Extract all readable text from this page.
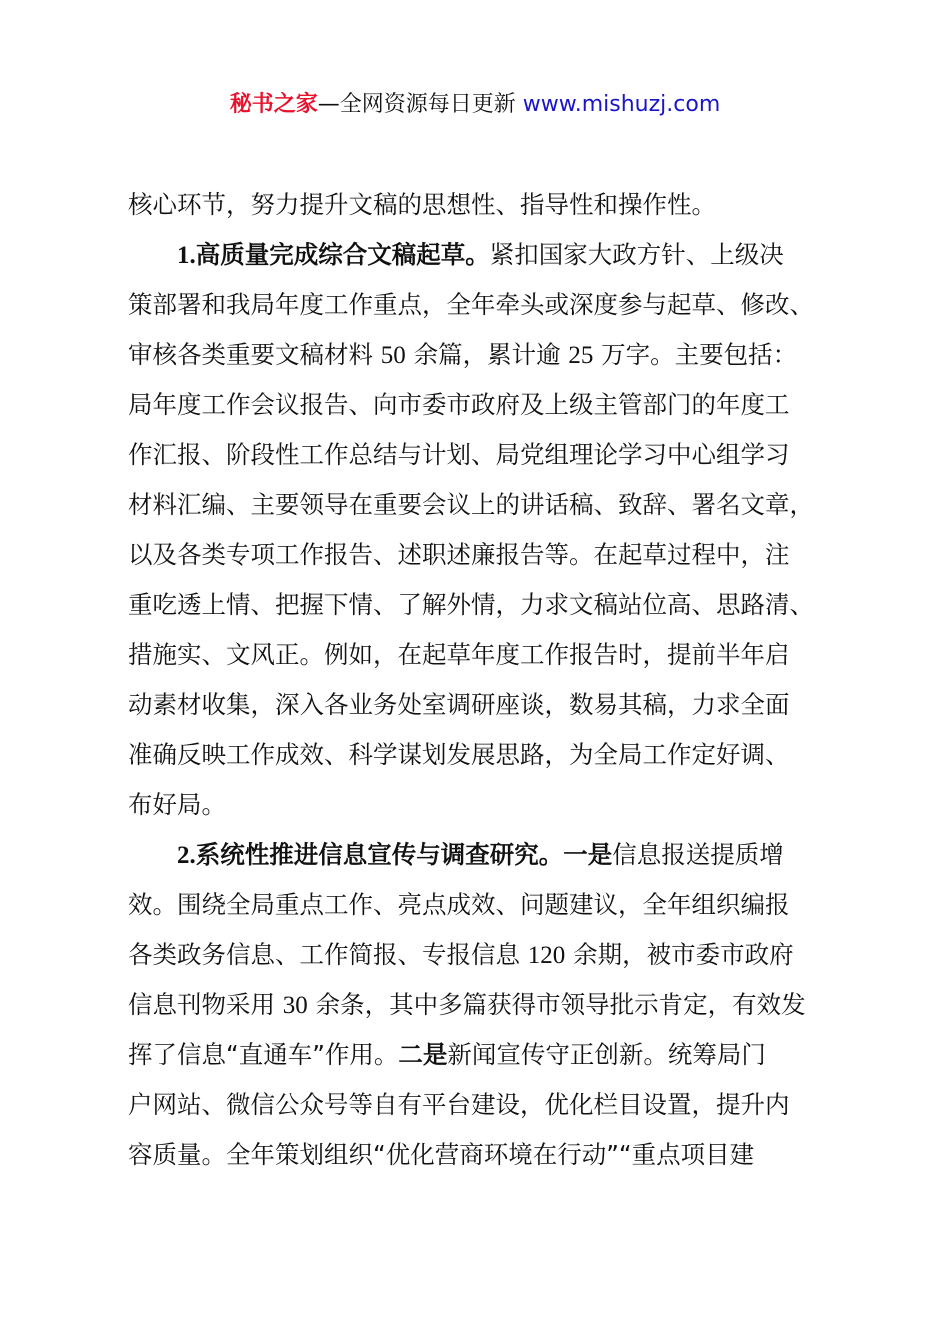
秘书之家—全网资源每日更新 www.mishuzj.com
核心环节，努力提升文稿的思想性、指导性和操作性。
1.高质量完成综合文稿起草。紧扣国家大政方针、上级决
策部署和我局年度工作重点，全年牵头或深度参与起草、修改、
审核各类重要文稿材料 50 余篇，累计逾 25 万字。主要包括：
局年度工作会议报告、向市委市政府及上级主管部门的年度工
作汇报、阶段性工作总结与计划、局党组理论学习中心组学习
材料汇编、主要领导在重要会议上的讲话稿、致辞、署名文章，
以及各类专项工作报告、述职述廉报告等。在起草过程中，注
重吃透上情、把握下情、了解外情，力求文稿站位高、思路清、
措施实、文风正。例如，在起草年度工作报告时，提前半年启
动素材收集，深入各业务处室调研座谈，数易其稿，力求全面
准确反映工作成效、科学谋划发展思路，为全局工作定好调、
布好局。
2.系统性推进信息宣传与调查研究。一是信息报送提质增
效。围绕全局重点工作、亮点成效、问题建议，全年组织编报
各类政务信息、工作简报、专报信息 120 余期，被市委市政府
信息刊物采用 30 余条，其中多篇获得市领导批示肯定，有效发
挥了信息“直通车”作用。二是新闻宣传守正创新。统筹局门
户网站、微信公众号等自有平台建设，优化栏目设置，提升内
容质量。全年策划组织“优化营商环境在行动”“重点项目建
